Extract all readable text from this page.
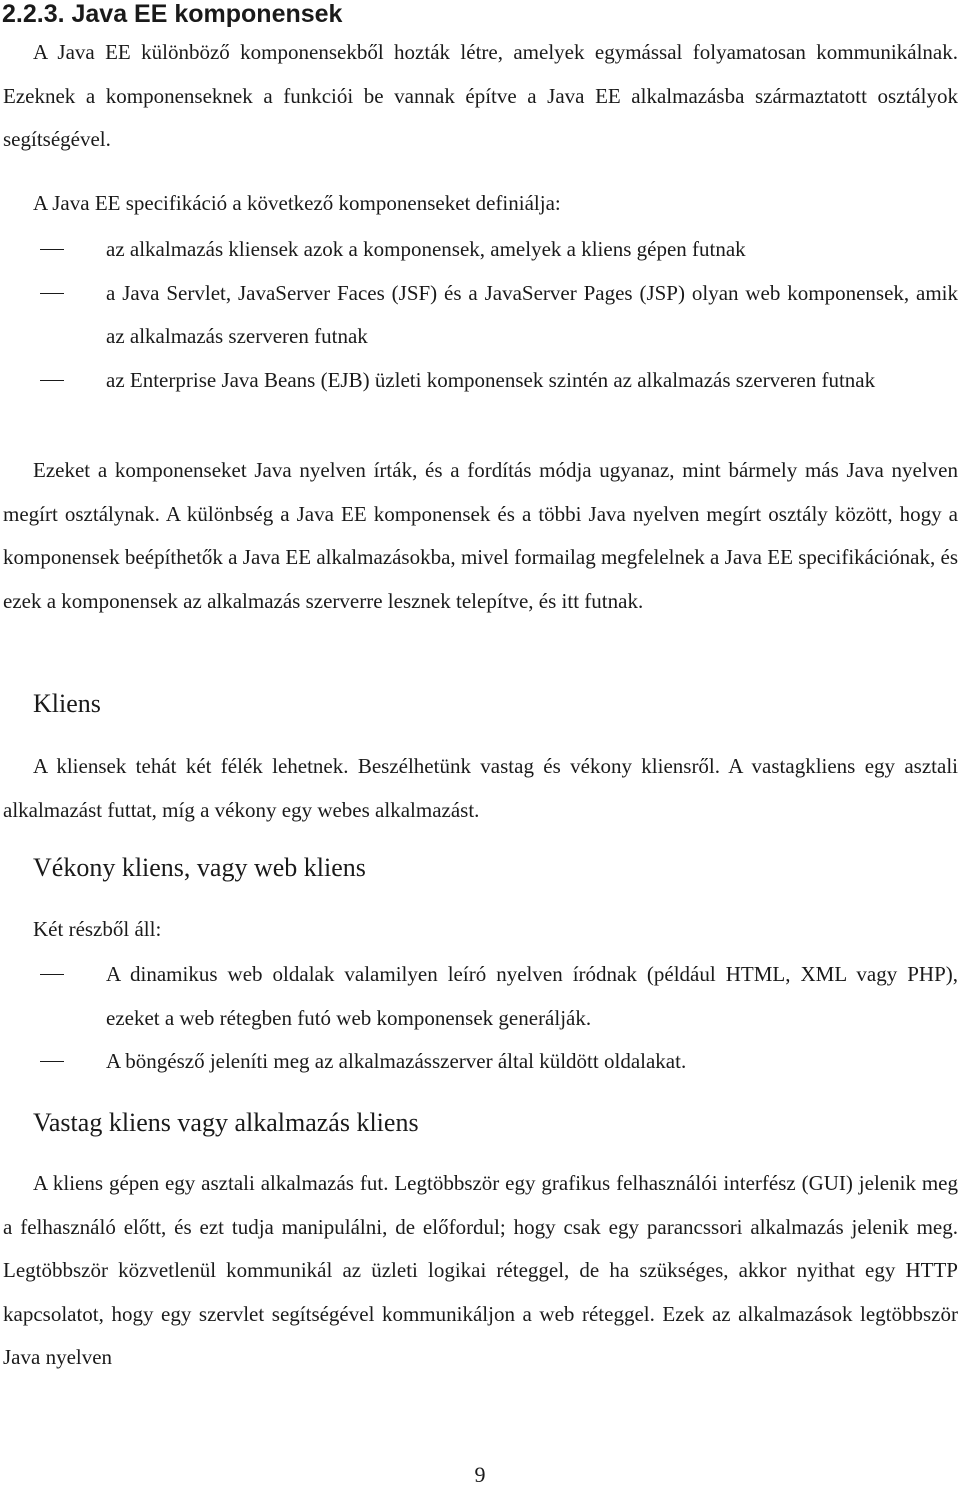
2.2.3. Java EE komponensek

A Java EE különböző komponensekből hozták létre, amelyek egymással folyamatosan kommunikálnak. Ezeknek a komponenseknek a funkciói be vannak építve a Java EE alkalmazásba származtatott osztályok segítségével.

A Java EE specifikáció a következő komponenseket definiálja:

az alkalmazás kliensek azok a komponensek, amelyek a kliens gépen futnak
a Java Servlet, JavaServer Faces (JSF) és a JavaServer Pages (JSP) olyan web komponensek, amik az alkalmazás szerveren futnak
az Enterprise Java Beans (EJB) üzleti komponensek szintén az alkalmazás szerveren futnak

Ezeket a komponenseket Java nyelven írták, és a fordítás módja ugyanaz, mint bármely más Java nyelven megírt osztálynak. A különbség a Java EE komponensek és a többi Java nyelven megírt osztály között, hogy a komponensek beépíthetők a Java EE alkalmazásokba, mivel formailag megfelelnek a Java EE specifikációnak, és ezek a komponensek az alkalmazás szerverre lesznek telepítve, és itt futnak.

Kliens

A kliensek tehát két félék lehetnek. Beszélhetünk vastag és vékony kliensről. A vastagkliens egy asztali alkalmazást futtat, míg a vékony egy webes alkalmazást.

Vékony kliens, vagy web kliens

Két részből áll:

A dinamikus web oldalak valamilyen leíró nyelven íródnak (például HTML, XML vagy PHP), ezeket a web rétegben futó web komponensek generálják.
A böngésző jeleníti meg az alkalmazásszerver által küldött oldalakat.
Vastag kliens vagy alkalmazás kliens

A kliens gépen egy asztali alkalmazás fut. Legtöbbször egy grafikus felhasználói interfész (GUI) jelenik meg a felhasználó előtt, és ezt tudja manipulálni, de előfordul; hogy csak egy parancssori alkalmazás jelenik meg. Legtöbbször közvetlenül kommunikál az üzleti logikai réteggel, de ha szükséges, akkor nyithat egy HTTP kapcsolatot, hogy egy szervlet segítségével kommunikáljon a web réteggel. Ezek az alkalmazások legtöbbször Java nyelven

9
